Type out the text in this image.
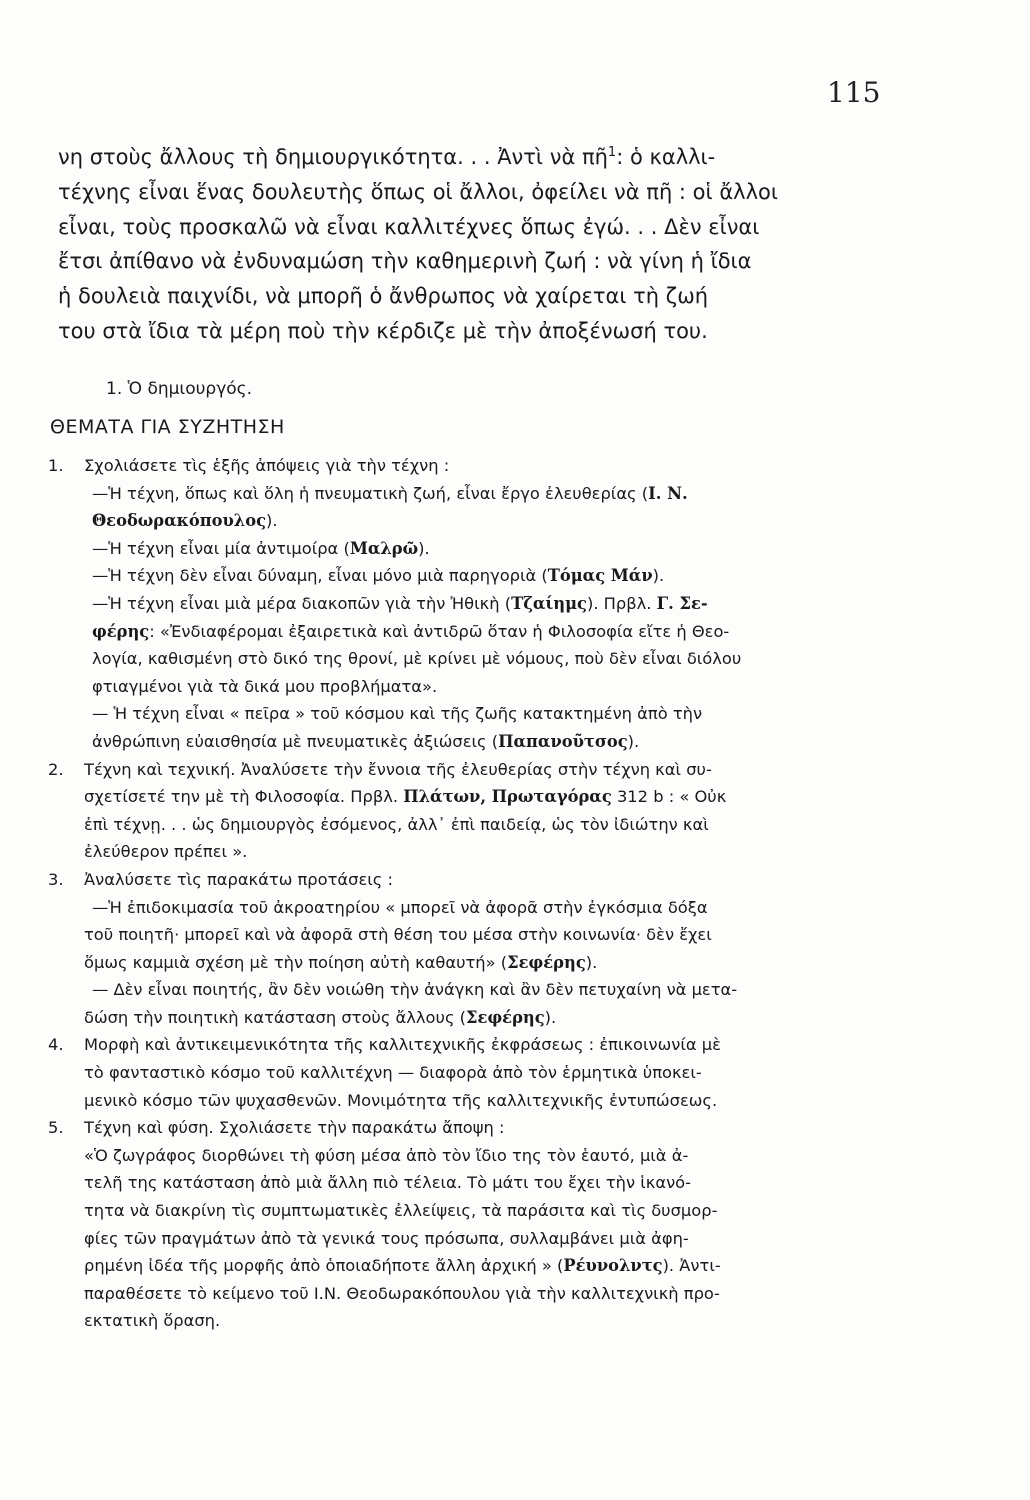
115

νη στοὺς ἄλλους τὴ δημιουργικότητα. . . Ἀντὶ νὰ πῆ$^1$: ὁ καλλι-

τέχνης εἶναι ἕνας δουλευτὴς ὅπως οἱ ἄλλοι, ὀφείλει νὰ πῆ : οἱ ἄλλοι

εἶναι, τοὺς προσκαλῶ νὰ εἶναι καλλιτέχνες ὅπως ἐγώ. . . Δὲν εἶναι

ἔτσι ἀπίθανο νὰ ἐνδυναμώση τὴν καθημερινὴ ζωή : νὰ γίνη ἡ ἴδια

ἡ δουλειὰ παιχνίδι, νὰ μπορῆ ὁ ἄνθρωπος νὰ χαίρεται τὴ ζωή

του στὰ ἴδια τὰ μέρη ποὺ τὴν κέρδιζε μὲ τὴν ἀποξένωσή του.

1. Ὁ δημιουργός.
ΘΕΜΑΤΑ ΓΙΑ ΣΥΖΗΤΗΣΗ
1. Σχολιάσετε τὶς ἑξῆς ἀπόψεις γιὰ τὴν τέχνη :
—Ἡ τέχνη, ὅπως καὶ ὅλη ἡ πνευματικὴ ζωή, εἶναι ἔργο ἐλευθερίας (Ι. Ν.
Θεοδωρακόπουλος).
—Ἡ τέχνη εἶναι μία ἀντιμοίρα (Μαλρῶ).
—Ἡ τέχνη δὲν εἶναι δύναμη, εἶναι μόνο μιὰ παρηγοριὰ (Τόμας Μάν).
—Ἡ τέχνη εἶναι μιὰ μέρα διακοπῶν γιὰ τὴν Ἠθικὴ (Τζαίημς). Πρβλ. Γ. Σε-
φέρης: «Ἐνδιαφέρομαι ἐξαιρετικὰ καὶ ἀντιδρῶ ὅταν ἡ Φιλοσοφία εἴτε ἡ Θεο-
λογία, καθισμένη στὸ δικό της θρονί, μὲ κρίνει μὲ νόμους, ποὺ δὲν εἶναι διόλου
φτιαγμένοι γιὰ τὰ δικά μου προβλήματα».
— Ἡ τέχνη εἶναι « πεῖρα » τοῦ κόσμου καὶ τῆς ζωῆς κατακτημένη ἀπὸ τὴν
ἀνθρώπινη εὐαισθησία μὲ πνευματικὲς ἀξιώσεις (Παπανοῦτσος).
2. Τέχνη καὶ τεχνική. Ἀναλύσετε τὴν ἔννοια τῆς ἐλευθερίας στὴν τέχνη καὶ συ-
σχετίσετέ την μὲ τὴ Φιλοσοφία. Πρβλ. Πλάτων, Πρωταγόρας 312 b : « Οὐκ
ἐπὶ τέχνῃ. . . ὡς δημιουργὸς ἐσόμενος, ἀλλ᾽ ἐπὶ παιδείᾳ, ὡς τὸν ἰδιώτην καὶ
ἐλεύθερον πρέπει ».
3. Ἀναλύσετε τὶς παρακάτω προτάσεις :
—Ἡ ἐπιδοκιμασία τοῦ ἀκροατηρίου « μπορεῖ νὰ ἀφορᾶ στὴν ἐγκόσμια δόξα
τοῦ ποιητῆ· μπορεῖ καὶ νὰ ἀφορᾶ στὴ θέση του μέσα στὴν κοινωνία· δὲν ἔχει
ὅμως καμμιὰ σχέση μὲ τὴν ποίηση αὐτὴ καθαυτή» (Σεφέρης).
— Δὲν εἶναι ποιητής, ἂν δὲν νοιώθη τὴν ἀνάγκη καὶ ἂν δὲν πετυχαίνη νὰ μετα-
δώση τὴν ποιητικὴ κατάσταση στοὺς ἄλλους (Σεφέρης).
4. Μορφὴ καὶ ἀντικειμενικότητα τῆς καλλιτεχνικῆς ἐκφράσεως : ἐπικοινωνία μὲ
τὸ φανταστικὸ κόσμο τοῦ καλλιτέχνη — διαφορὰ ἀπὸ τὸν ἑρμητικὰ ὑποκει-
μενικὸ κόσμο τῶν ψυχασθενῶν. Μονιμότητα τῆς καλλιτεχνικῆς ἐντυπώσεως.
5. Τέχνη καὶ φύση. Σχολιάσετε τὴν παρακάτω ἄποψη :
«Ὁ ζωγράφος διορθώνει τὴ φύση μέσα ἀπὸ τὸν ἴδιο της τὸν ἑαυτό, μιὰ ἀ-
τελῆ της κατάσταση ἀπὸ μιὰ ἄλλη πιὸ τέλεια. Τὸ μάτι του ἔχει τὴν ἱκανό-
τητα νὰ διακρίνη τὶς συμπτωματικὲς ἐλλείψεις, τὰ παράσιτα καὶ τὶς δυσμορ-
φίες τῶν πραγμάτων ἀπὸ τὰ γενικά τους πρόσωπα, συλλαμβάνει μιὰ ἀφη-
ρημένη ἰδέα τῆς μορφῆς ἀπὸ ὁποιαδήποτε ἄλλη ἀρχική » (Ρέυνολντς). Ἀντι-
παραθέσετε τὸ κείμενο τοῦ Ι.Ν. Θεοδωρακόπουλου γιὰ τὴν καλλιτεχνικὴ προ-
εκτατικὴ ὅραση.
